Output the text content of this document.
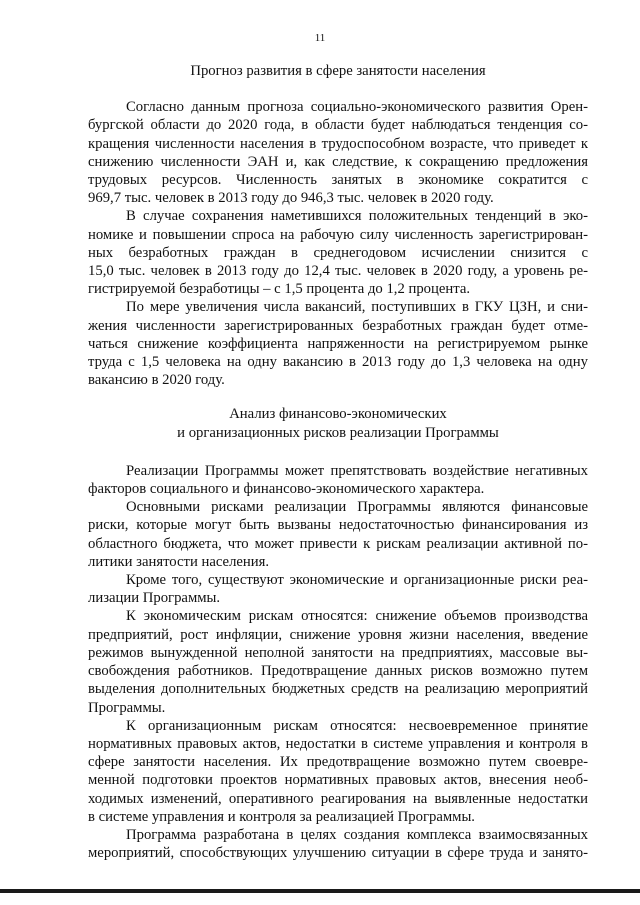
11
Прогноз развития в сфере занятости населения
Согласно данным прогноза социально-экономического развития Орен-
бургской области до 2020 года, в области будет наблюдаться тенденция со-
кращения численности населения в трудоспособном возрасте, что приведет к
снижению численности ЭАН и, как следствие, к сокращению предложения
трудовых ресурсов. Численность занятых в экономике сократится с
969,7 тыс. человек в 2013 году до 946,3 тыс. человек в 2020 году.
В случае сохранения наметившихся положительных тенденций в эко-
номике и повышении спроса на рабочую силу численность зарегистрирован-
ных безработных граждан в среднегодовом исчислении снизится с
15,0 тыс. человек в 2013 году до 12,4 тыс. человек в 2020 году, а уровень ре-
гистрируемой безработицы – с 1,5 процента до 1,2 процента.
По мере увеличения числа вакансий, поступивших в ГКУ ЦЗН, и сни-
жения численности зарегистрированных безработных граждан будет отме-
чаться снижение коэффициента напряженности на регистрируемом рынке
труда с 1,5 человека на одну вакансию в 2013 году до 1,3 человека на одну
вакансию в 2020 году.
Анализ финансово-экономических
и организационных рисков реализации Программы
Реализации Программы может препятствовать воздействие негативных
факторов социального и финансово-экономического характера.
Основными рисками реализации Программы являются финансовые
риски, которые могут быть вызваны недостаточностью финансирования из
областного бюджета, что может привести к рискам реализации активной по-
литики занятости населения.
Кроме того, существуют экономические и организационные риски реа-
лизации Программы.
К экономическим рискам относятся: снижение объемов производства
предприятий, рост инфляции, снижение уровня жизни населения, введение
режимов вынужденной неполной занятости на предприятиях, массовые вы-
свобождения работников. Предотвращение данных рисков возможно путем
выделения дополнительных бюджетных средств на реализацию мероприятий
Программы.
К организационным рискам относятся: несвоевременное принятие
нормативных правовых актов, недостатки в системе управления и контроля в
сфере занятости населения. Их предотвращение возможно путем своевре-
менной подготовки проектов нормативных правовых актов, внесения необ-
ходимых изменений, оперативного реагирования на выявленные недостатки
в системе управления и контроля за реализацией Программы.
Программа разработана в целях создания комплекса взаимосвязанных
мероприятий, способствующих улучшению ситуации в сфере труда и занято-
